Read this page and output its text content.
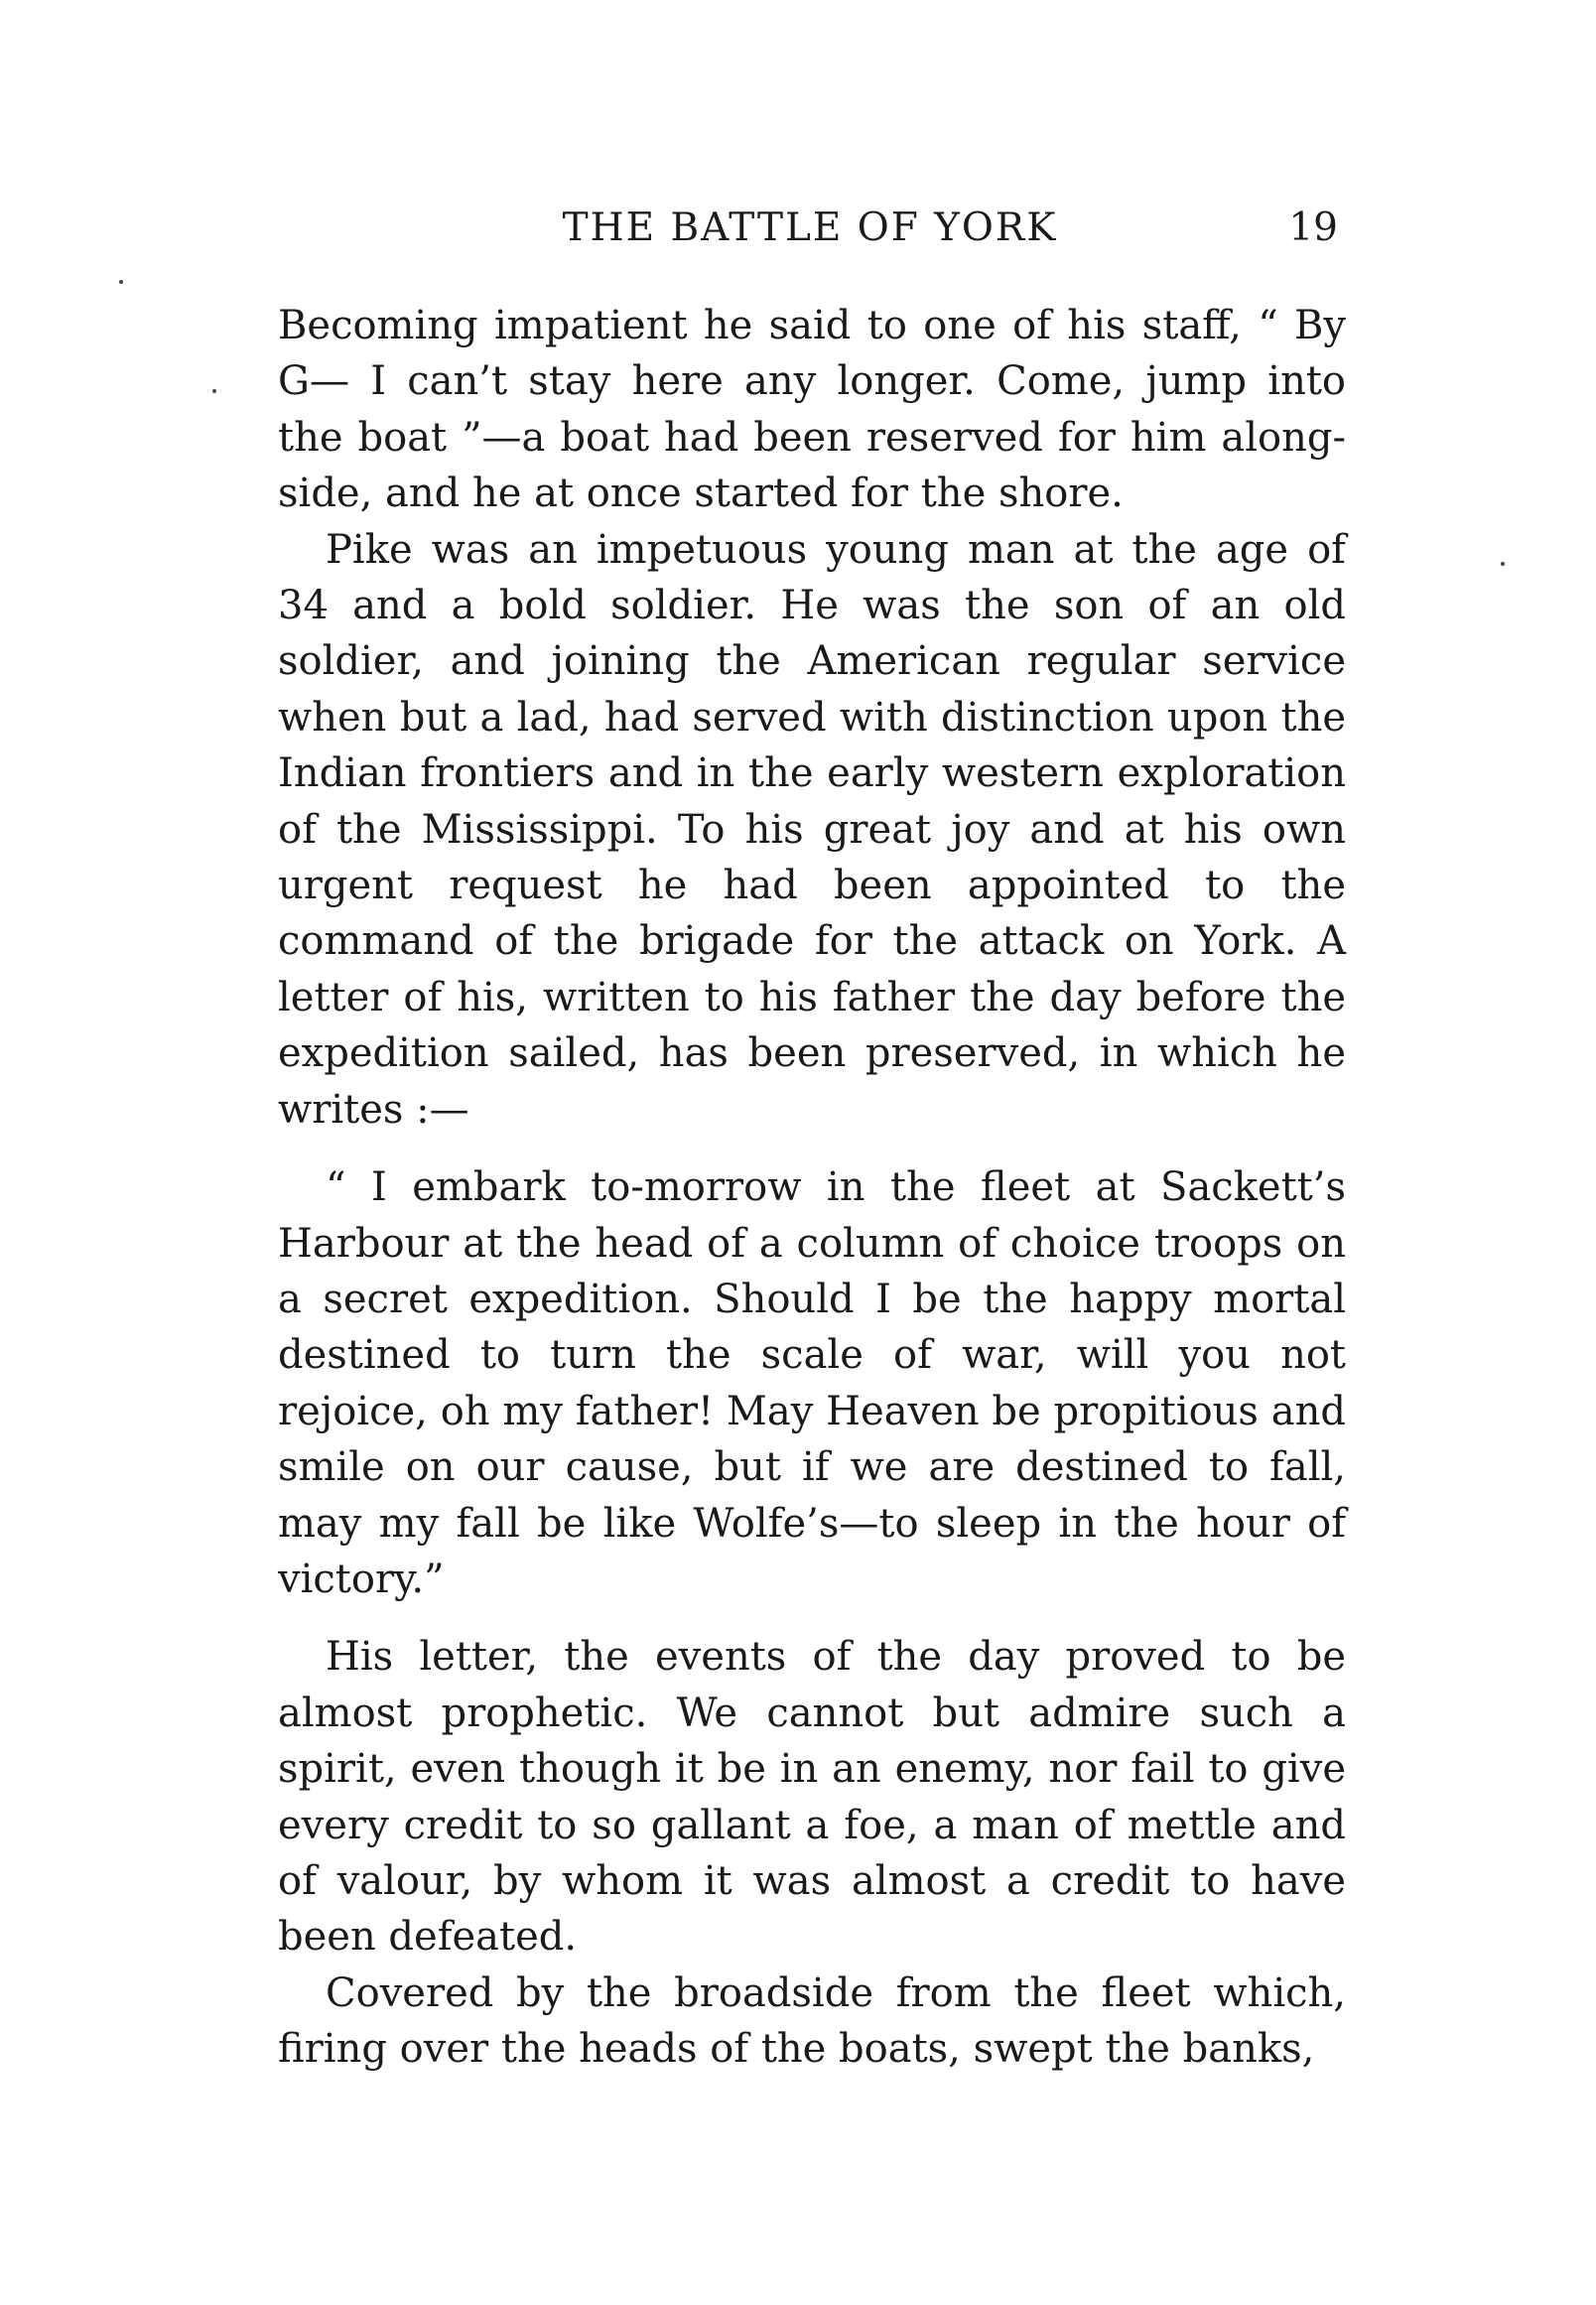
THE BATTLE OF YORK	19

Becoming impatient he said to one of his staff, “ By G— I can’t stay here any longer. Come, jump into the boat ”—a boat had been reserved for him alongside, and he at once started for the shore.

Pike was an impetuous young man at the age of 34 and a bold soldier. He was the son of an old soldier, and joining the American regular service when but a lad, had served with distinction upon the Indian frontiers and in the early western exploration of the Mississippi. To his great joy and at his own urgent request he had been appointed to the command of the brigade for the attack on York. A letter of his, written to his father the day before the expedition sailed, has been preserved, in which he writes :—

“ I embark to-morrow in the fleet at Sackett’s Harbour at the head of a column of choice troops on a secret expedition. Should I be the happy mortal destined to turn the scale of war, will you not rejoice, oh my father! May Heaven be propitious and smile on our cause, but if we are destined to fall, may my fall be like Wolfe’s—to sleep in the hour of victory.”

His letter, the events of the day proved to be almost prophetic. We cannot but admire such a spirit, even though it be in an enemy, nor fail to give every credit to so gallant a foe, a man of mettle and of valour, by whom it was almost a credit to have been defeated.

Covered by the broadside from the fleet which, firing over the heads of the boats, swept the banks,
